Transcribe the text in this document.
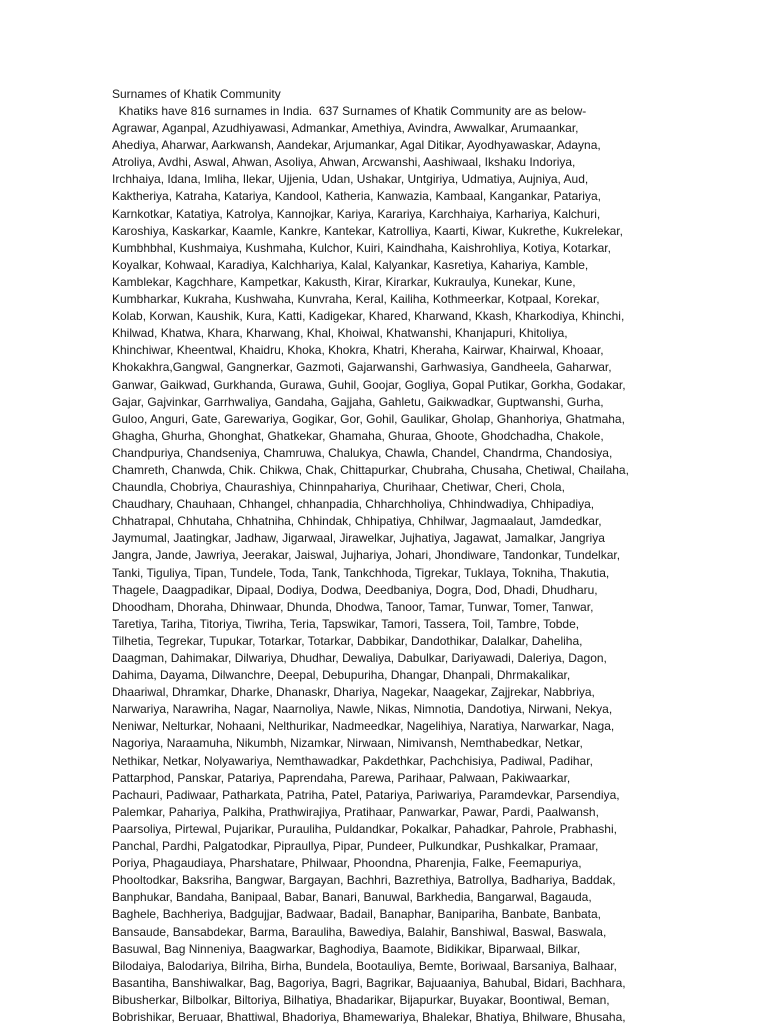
Surnames of Khatik Community
Khatiks have 816 surnames in India.  637 Surnames of Khatik Community are as below-
Agrawar, Aganpal, Azudhiyawasi, Admankar, Amethiya, Avindra, Awwalkar, Arumaankar,
Ahediya, Aharwar, Aarkwansh, Aandekar, Arjumankar, Agal Ditikar, Ayodhyawaskar, Adayna,
Atroliya, Avdhi, Aswal, Ahwan, Asoliya, Ahwan, Arcwanshi, Aashiwaal, Ikshaku Indoriya,
Irchhaiya, Idana, Imliha, Ilekar, Ujjenia, Udan, Ushakar, Untgiriya, Udmatiya, Aujniya, Aud,
Kaktheriya, Katraha, Katariya, Kandool, Katheria, Kanwazia, Kambaal, Kangankar, Patariya,
Karnkotkar, Katatiya, Katrolya, Kannojkar, Kariya, Karariya, Karchhaiya, Karhariya, Kalchuri,
Karoshiya, Kaskarkar, Kaamle, Kankre, Kantekar, Katrolliya, Kaarti, Kiwar, Kukrethe, Kukrelekar,
Kumbhbhal, Kushmaiya, Kushmaha, Kulchor, Kuiri, Kaindhaha, Kaishrohliya, Kotiya, Kotarkar,
Koyalkar, Kohwaal, Karadiya, Kalchhariya, Kalal, Kalyankar, Kasretiya, Kahariya, Kamble,
Kamblekar, Kagchhare, Kampetkar, Kakusth, Kirar, Kirarkar, Kukraulya, Kunekar, Kune,
Kumbharkar, Kukraha, Kushwaha, Kunvraha, Keral, Kailiha, Kothmeerkar, Kotpaal, Korekar,
Kolab, Korwan, Kaushik, Kura, Katti, Kadigekar, Khared, Kharwand, Kkash, Kharkodiya, Khinchi,
Khilwad, Khatwa, Khara, Kharwang, Khal, Khoiwal, Khatwanshi, Khanjapuri, Khitoliya,
Khinchiwar, Kheentwal, Khaidru, Khoka, Khokra, Khatri, Kheraha, Kairwar, Khairwal, Khoaar,
Khokakhra,Gangwal, Gangnerkar, Gazmoti, Gajarwanshi, Garhwasiya, Gandheela, Gaharwar,
Ganwar, Gaikwad, Gurkhanda, Gurawa, Guhil, Goojar, Gogliya, Gopal Putikar, Gorkha, Godakar,
Gajar, Gajvinkar, Garrhwaliya, Gandaha, Gajjaha, Gahletu, Gaikwadkar, Guptwanshi, Gurha,
Guloo, Anguri, Gate, Garewariya, Gogikar, Gor, Gohil, Gaulikar, Gholap, Ghanhoriya, Ghatmaha,
Ghagha, Ghurha, Ghonghat, Ghatkekar, Ghamaha, Ghuraa, Ghoote, Ghodchadha, Chakole,
Chandpuriya, Chandseniya, Chamruwa, Chalukya, Chawla, Chandel, Chandrma, Chandosiya,
Chamreth, Chanwda, Chik. Chikwa, Chak, Chittapurkar, Chubraha, Chusaha, Chetiwal, Chailaha,
Chaundla, Chobriya, Chaurashiya, Chinnpahariya, Churihaar, Chetiwar, Cheri, Chola,
Chaudhary, Chauhaan, Chhangel, chhanpadia, Chharchholiya, Chhindwadiya, Chhipadiya,
Chhatrapal, Chhutaha, Chhatniha, Chhindak, Chhipatiya, Chhilwar, Jagmaalaut, Jamdedkar,
Jaymumal, Jaatingkar, Jadhaw, Jigarwaal, Jirawelkar, Jujhatiya, Jagawat, Jamalkar, Jangriya
Jangra, Jande, Jawriya, Jeerakar, Jaiswal, Jujhariya, Johari, Jhondiware, Tandonkar, Tundelkar,
Tanki, Tiguliya, Tipan, Tundele, Toda, Tank, Tankchhoda, Tigrekar, Tuklaya, Tokniha, Thakutia,
Thagele, Daagpadikar, Dipaal, Dodiya, Dodwa, Deedbaniya, Dogra, Dod, Dhadi, Dhudharu,
Dhoodham, Dhoraha, Dhinwaar, Dhunda, Dhodwa, Tanoor, Tamar, Tunwar, Tomer, Tanwar,
Taretiya, Tariha, Titoriya, Tiwriha, Teria, Tapswikar, Tamori, Tassera, Toil, Tambre, Tobde,
Tilhetia, Tegrekar, Tupukar, Totarkar, Totarkar, Dabbikar, Dandothikar, Dalalkar, Daheliha,
Daagman, Dahimakar, Dilwariya, Dhudhar, Dewaliya, Dabulkar, Dariyawadi, Daleriya, Dagon,
Dahima, Dayama, Dilwanchre, Deepal, Debupuriha, Dhangar, Dhanpali, Dhrmakalikar,
Dhaariwal, Dhramkar, Dharke, Dhanaskr, Dhariya, Nagekar, Naagekar, Zajjrekar, Nabbriya,
Narwariya, Narawriha, Nagar, Naarnoliya, Nawle, Nikas, Nimnotia, Dandotiya, Nirwani, Nekya,
Neniwar, Nelturkar, Nohaani, Nelthurikar, Nadmeedkar, Nagelihiya, Naratiya, Narwarkar, Naga,
Nagoriya, Naraamuha, Nikumbh, Nizamkar, Nirwaan, Nimivansh, Nemthabedkar, Netkar,
Nethikar, Netkar, Nolyawariya, Nemthawadkar, Pakdethkar, Pachchisiya, Padiwal, Padihar,
Pattarphod, Panskar, Patariya, Paprendaha, Parewa, Parihaar, Palwaan, Pakiwaarkar,
Pachauri, Padiwaar, Patharkata, Patriha, Patel, Patariya, Pariwariya, Paramdevkar, Parsendiya,
Palemkar, Pahariya, Palkiha, Prathwirajiya, Pratihaar, Panwarkar, Pawar, Pardi, Paalwansh,
Paarsoliya, Pirtewal, Pujarikar, Purauliha, Puldandkar, Pokalkar, Pahadkar, Pahrole, Prabhashi,
Panchal, Pardhi, Palgatodkar, Pipraullya, Pipar, Pundeer, Pulkundkar, Pushkalkar, Pramaar,
Poriya, Phagaudiaya, Pharshatare, Philwaar, Phoondna, Pharenjia, Falke, Feemapuriya,
Phooltodkar, Baksriha, Bangwar, Bargayan, Bachhri, Bazrethiya, Batrollya, Badhariya, Baddak,
Banphukar, Bandaha, Banipaal, Babar, Banari, Banuwal, Barkhedia, Bangarwal, Bagauda,
Baghele, Bachheriya, Badgujjar, Badwaar, Badail, Banaphar, Banipariha, Banbate, Banbata,
Bansaude, Bansabdekar, Barma, Barauliha, Bawediya, Balahir, Banshiwal, Baswal, Baswala,
Basuwal, Bag Ninneniya, Baagwarkar, Baghodiya, Baamote, Bidikikar, Biparwaal, Bilkar,
Bilodaiya, Balodariya, Bilriha, Birha, Bundela, Bootauliya, Bemte, Boriwaal, Barsaniya, Balhaar,
Basantiha, Banshiwalkar, Bag, Bagoriya, Bagri, Bagrikar, Bajuaaniya, Bahubal, Bidari, Bachhara,
Bibusherkar, Bilbolkar, Biltoriya, Bilhatiya, Bhadarikar, Bijapurkar, Buyakar, Boontiwal, Beman,
Bobrishikar, Beruaar, Bhattiwal, Bhadoriya, Bhamewariya, Bhalekar, Bhatiya, Bhilware, Bhusaha,
